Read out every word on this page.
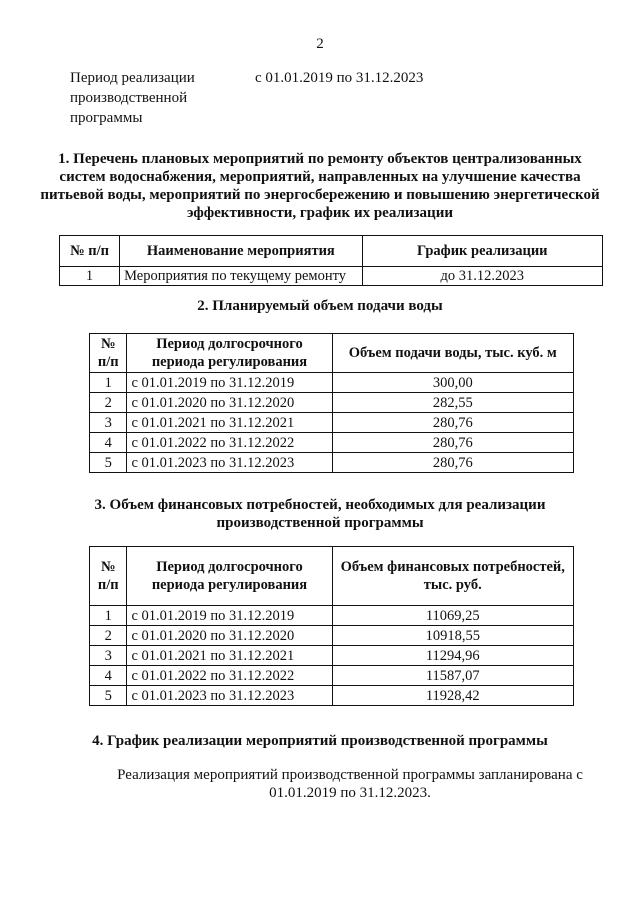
2
Период реализации производственной программы
с 01.01.2019 по 31.12.2023
1. Перечень плановых мероприятий по ремонту объектов централизованных систем водоснабжения, мероприятий, направленных на улучшение качества питьевой воды, мероприятий по энергосбережению и повышению энергетической эффективности, график их реализации
№ п/п	Наименование мероприятия	График реализации
1	Мероприятия по текущему ремонту	до 31.12.2023
2. Планируемый объем подачи воды
№ п/п	Период долгосрочного периода регулирования	Объем подачи воды, тыс. куб. м
1	с 01.01.2019 по 31.12.2019	300,00
2	с 01.01.2020 по 31.12.2020	282,55
3	с 01.01.2021 по 31.12.2021	280,76
4	с 01.01.2022 по 31.12.2022	280,76
5	с 01.01.2023 по 31.12.2023	280,76
3. Объем финансовых потребностей, необходимых для реализации производственной программы
№ п/п	Период долгосрочного периода регулирования	Объем финансовых потребностей, тыс. руб.
1	с 01.01.2019 по 31.12.2019	11069,25
2	с 01.01.2020 по 31.12.2020	10918,55
3	с 01.01.2021 по 31.12.2021	11294,96
4	с 01.01.2022 по 31.12.2022	11587,07
5	с 01.01.2023 по 31.12.2023	11928,42
4. График реализации мероприятий производственной программы
Реализация мероприятий производственной программы запланирована с 01.01.2019 по 31.12.2023.
